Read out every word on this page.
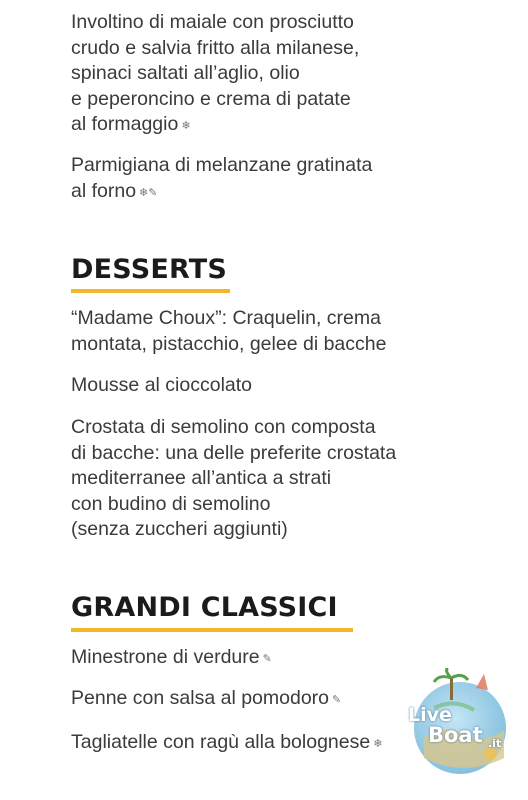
Involtino di maiale con prosciutto
crudo e salvia fritto alla milanese,
spinaci saltati all’aglio, olio
e peperoncino e crema di patate
al formaggio ❄

Parmigiana di melanzane gratinata
al forno ❄✎

DESSERTS

“Madame Choux”: Craquelin, crema
montata, pistacchio, gelee di bacche

Mousse al cioccolato

Crostata di semolino con composta
di bacche: una delle preferite crostata
mediterranee all’antica a strati
con budino di semolino
(senza zuccheri aggiunti)

GRANDI CLASSICI

Minestrone di verdure ✎

Penne con salsa al pomodoro ✎

Tagliatelle con ragù alla bolognese ❄

Live
Boat .it
